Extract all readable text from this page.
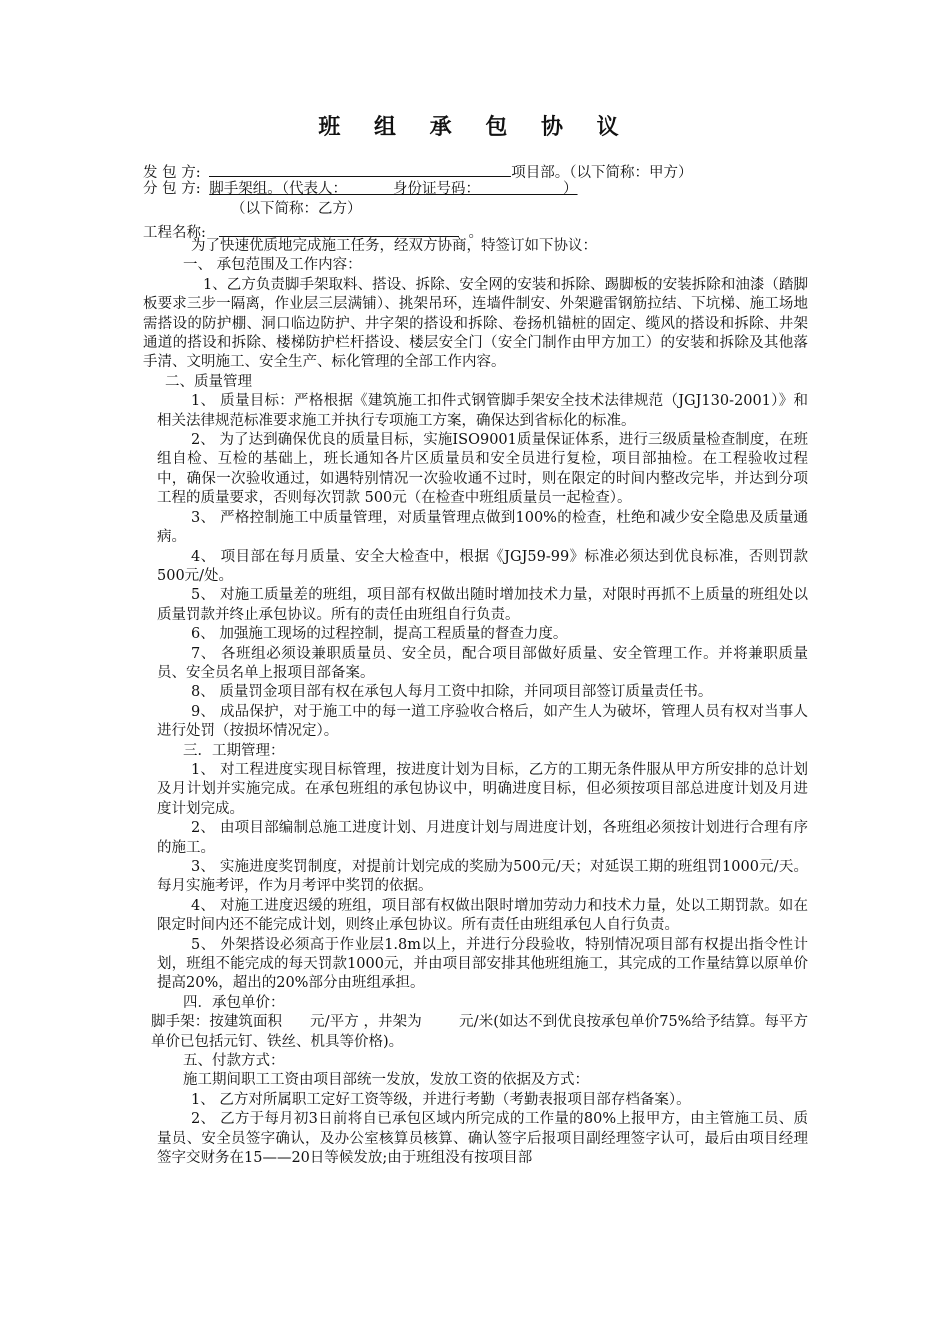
班 组 承 包 协 议
发 包 方:	项目部。（以下简称：甲方）
分 包 方: 脚手架组。（代表人：          身份证号码：                  ）
（以下简称：乙方）
工程名称:	。

为了快速优质地完成施工任务，经双方协商，特签订如下协议：

一、 承包范围及工作内容：

1、乙方负责脚手架取料、搭设、拆除、安全网的安装和拆除、踢脚板的安装拆除和油漆（踏脚板要求三步一隔离，作业层三层满铺）、挑架吊环，连墙件制安、外架避雷钢筋拉结、下坑梯、施工场地需搭设的防护棚、洞口临边防护、井字架的搭设和拆除、卷扬机锚桩的固定、缆风的搭设和拆除、井架通道的搭设和拆除、楼梯防护栏杆搭设、楼层安全门（安全门制作由甲方加工）的安装和拆除及其他落手清、文明施工、安全生产、标化管理的全部工作内容。

二、质量管理

1、 质量目标：严格根据《建筑施工扣件式钢管脚手架安全技术法律规范（JGJ130-2001）》和相关法律规范标准要求施工并执行专项施工方案，确保达到省标化的标准。

2、 为了达到确保优良的质量目标，实施ISO9001质量保证体系，进行三级质量检查制度，在班组自检、互检的基础上，班长通知各片区质量员和安全员进行复检，项目部抽检。在工程验收过程中，确保一次验收通过，如遇特别情况一次验收通不过时，则在限定的时间内整改完毕，并达到分项工程的质量要求，否则每次罚款 500元（在检查中班组质量员一起检查）。

3、 严格控制施工中质量管理，对质量管理点做到100%的检查，杜绝和减少安全隐患及质量通病。

4、 项目部在每月质量、安全大检查中，根据《JGJ59-99》标准必须达到优良标准，否则罚款500元/处。

5、 对施工质量差的班组，项目部有权做出随时增加技术力量，对限时再抓不上质量的班组处以质量罚款并终止承包协议。所有的责任由班组自行负责。

6、 加强施工现场的过程控制，提高工程质量的督查力度。

7、 各班组必须设兼职质量员、安全员，配合项目部做好质量、安全管理工作。并将兼职质量员、安全员名单上报项目部备案。

8、 质量罚金项目部有权在承包人每月工资中扣除，并同项目部签订质量责任书。

9、 成品保护，对于施工中的每一道工序验收合格后，如产生人为破坏，管理人员有权对当事人进行处罚（按损坏情况定）。

三．工期管理：

1、 对工程进度实现目标管理，按进度计划为目标，乙方的工期无条件服从甲方所安排的总计划及月计划并实施完成。在承包班组的承包协议中，明确进度目标，但必须按项目部总进度计划及月进度计划完成。

2、 由项目部编制总施工进度计划、月进度计划与周进度计划，各班组必须按计划进行合理有序的施工。

3、 实施进度奖罚制度，对提前计划完成的奖励为500元/天；对延误工期的班组罚1000元/天。每月实施考评，作为月考评中奖罚的依据。

4、 对施工进度迟缓的班组，项目部有权做出限时增加劳动力和技术力量，处以工期罚款。如在限定时间内还不能完成计划，则终止承包协议。所有责任由班组承包人自行负责。

5、 外架搭设必须高于作业层1.8m以上，并进行分段验收，特别情况项目部有权提出指令性计划，班组不能完成的每天罚款1000元，并由项目部安排其他班组施工，其完成的工作量结算以原单价提高20%，超出的20%部分由班组承担。

四．承包单价：

脚手架：按建筑面积      元/平方 ，井架为        元/米(如达不到优良按承包单价75%给予结算。每平方单价已包括元钉、铁丝、机具等价格)。

五、付款方式：

施工期间职工工资由项目部统一发放，发放工资的依据及方式：

1、 乙方对所属职工定好工资等级，并进行考勤（考勤表报项目部存档备案）。

2、 乙方于每月初3日前将自已承包区域内所完成的工作量的80%上报甲方，由主管施工员、质量员、安全员签字确认，及办公室核算员核算、确认签字后报项目副经理签字认可，最后由项目经理签字交财务在15——20日等候发放;由于班组没有按项目部
